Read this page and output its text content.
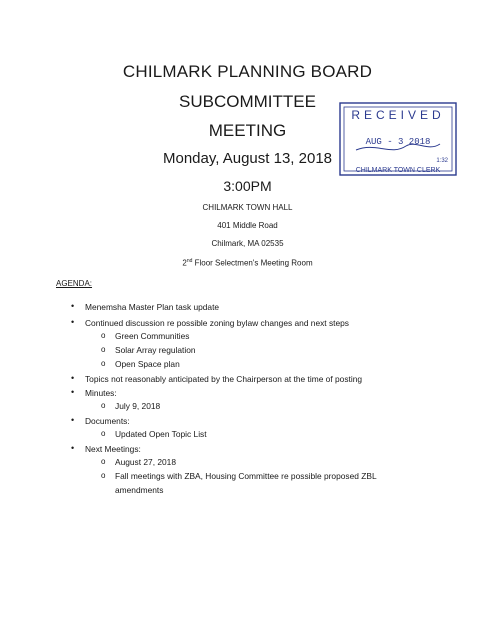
CHILMARK PLANNING BOARD
SUBCOMMITTEE
MEETING
Monday, August 13, 2018
3:00PM
CHILMARK TOWN HALL
401 Middle Road
Chilmark, MA 02535
2nd Floor Selectmen's Meeting Room
RECEIVED
AUG - 3 2018
1:32
CHILMARK TOWN CLERK
AGENDA:
• Menemsha Master Plan task update
• Continued discussion re possible zoning bylaw changes and next steps
o Green Communities
o Solar Array regulation
o Open Space plan
• Topics not reasonably anticipated by the Chairperson at the time of posting
• Minutes:
o July 9, 2018
• Documents:
o Updated Open Topic List
• Next Meetings:
o August 27, 2018
o Fall meetings with ZBA, Housing Committee re possible proposed ZBL
amendments
